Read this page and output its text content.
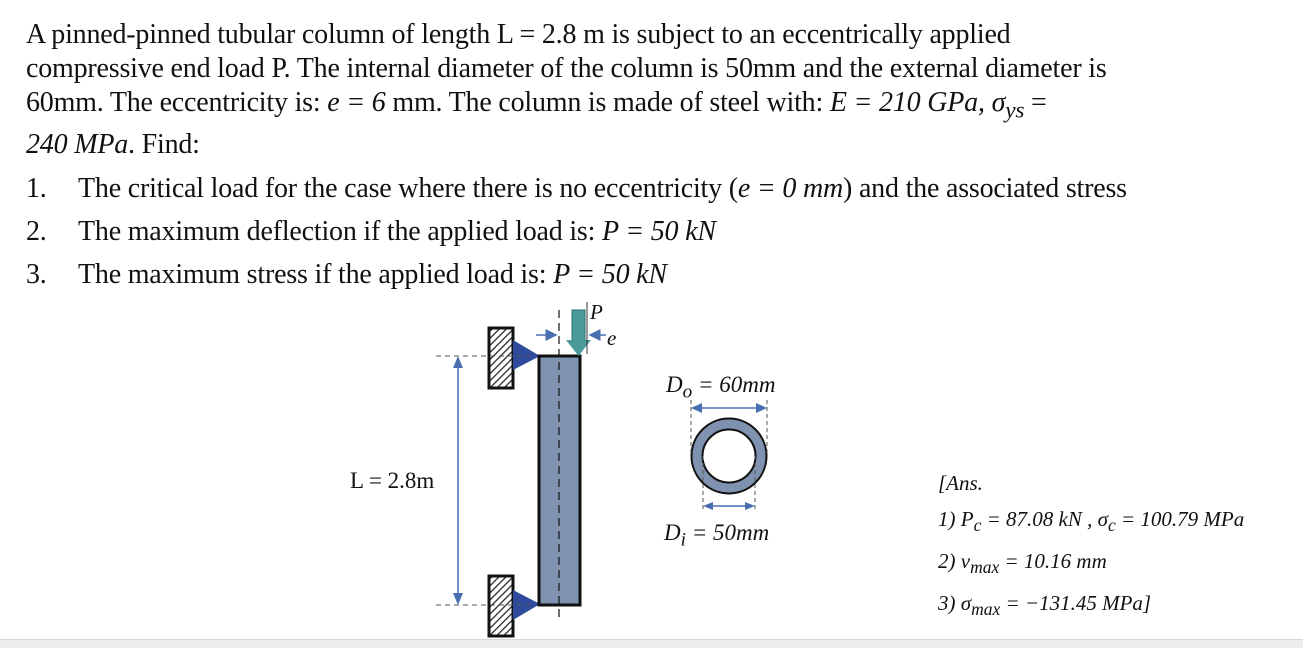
A pinned-pinned tubular column of length L = 2.8 m is subject to an eccentrically applied

compressive end load P. The internal diameter of the column is 50mm and the external diameter is

60mm. The eccentricity is: e = 6 mm. The column is made of steel with: E = 210 GPa, $\sigma_{ys}$ =

240 MPa. Find:

1.	The critical load for the case where there is no eccentricity (e = 0 mm) and the associated stress
2.	The maximum deflection if the applied load is: P = 50 kN
3.	The maximum stress if the applied load is: P = 50 kN
P
e
L = 2.8m
$D_o = 60mm$
$D_i = 50mm$
[Ans.
1) $P_c = 87.08$ kN , $\sigma_c = 100.79$ MPa
2) $v_{max} = 10.16$ mm
3) $\sigma_{max} = -131.45$ MPa]
